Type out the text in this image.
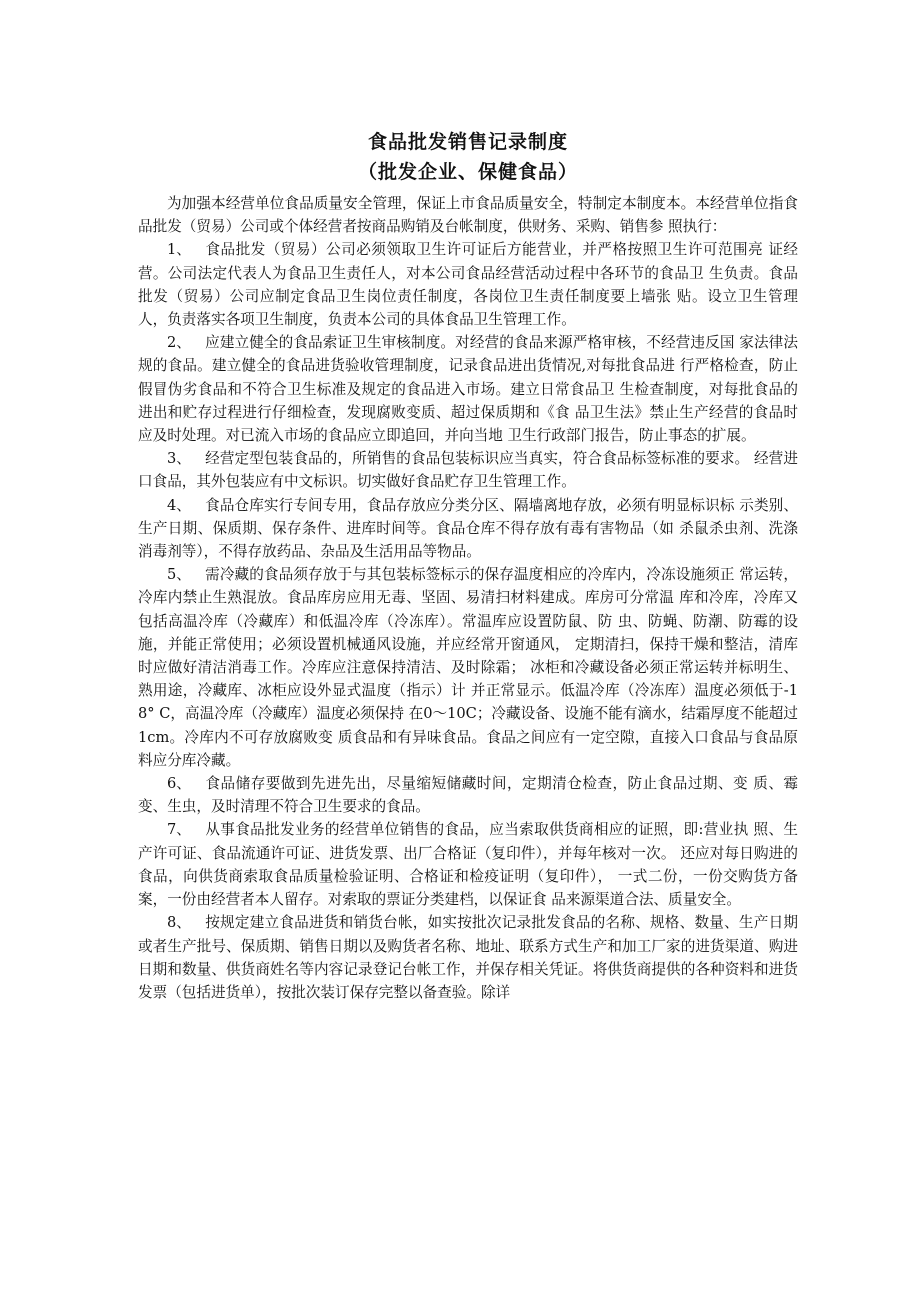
食品批发销售记录制度
（批发企业、保健食品）

为加强本经营单位食品质量安全管理，保证上市食品质量安全，特制定本制度本。本经营单位指食品批发（贸易）公司或个体经营者按商品购销及台帐制度，供财务、采购、销售参 照执行：

1、 食品批发（贸易）公司必须领取卫生许可证后方能营业，并严格按照卫生许可范围亮 证经营。公司法定代表人为食品卫生责任人，对本公司食品经营活动过程中各环节的食品卫 生负责。食品批发（贸易）公司应制定食品卫生岗位责任制度，各岗位卫生责任制度要上墙张 贴。设立卫生管理人，负责落实各项卫生制度，负责本公司的具体食品卫生管理工作。

2、 应建立健全的食品索证卫生审核制度。对经营的食品来源严格审核，不经营违反国 家法律法规的食品。建立健全的食品进货验收管理制度，记录食品进出货情况,对每批食品进 行严格检查，防止假冒伪劣食品和不符合卫生标准及规定的食品进入市场。建立日常食品卫 生检查制度，对每批食品的进出和贮存过程进行仔细检查，发现腐败变质、超过保质期和《食 品卫生法》禁止生产经营的食品时应及时处理。对已流入市场的食品应立即追回，并向当地 卫生行政部门报告，防止事态的扩展。

3、 经营定型包装食品的，所销售的食品包装标识应当真实，符合食品标签标准的要求。 经营进口食品，其外包装应有中文标识。切实做好食品贮存卫生管理工作。

4、 食品仓库实行专间专用，食品存放应分类分区、隔墙离地存放，必须有明显标识标 示类别、生产日期、保质期、保存条件、进库时间等。食品仓库不得存放有毒有害物品（如 杀鼠杀虫剂、洗涤消毒剂等），不得存放药品、杂品及生活用品等物品。

5、 需冷藏的食品须存放于与其包装标签标示的保存温度相应的冷库内，冷冻设施须正 常运转，冷库内禁止生熟混放。食品库房应用无毒、坚固、易清扫材料建成。库房可分常温 库和冷库，冷库又包括高温冷库（冷藏库）和低温冷库（冷冻库）。常温库应设置防鼠、防 虫、防蝇、防潮、防霉的设施，并能正常使用；必须设置机械通风设施，并应经常开窗通风， 定期清扫，保持干燥和整洁，清库时应做好清洁消毒工作。冷库应注意保持清洁、及时除霜； 冰柜和冷藏设备必须正常运转并标明生、熟用途，冷藏库、冰柜应设外显式温度（指示）计 并正常显示。低温冷库（冷冻库）温度必须低于-18° C，高温冷库（冷藏库）温度必须保持 在0～10C；冷藏设备、设施不能有滴水，结霜厚度不能超过1cm。冷库内不可存放腐败变 质食品和有异味食品。食品之间应有一定空隙，直接入口食品与食品原料应分库冷藏。

6、 食品储存要做到先进先出，尽量缩短储藏时间，定期清仓检查，防止食品过期、变 质、霉变、生虫，及时清理不符合卫生要求的食品。

7、 从事食品批发业务的经营单位销售的食品，应当索取供货商相应的证照，即:营业执 照、生产许可证、食品流通许可证、进货发票、出厂合格证（复印件），并每年核对一次。 还应对每日购进的食品，向供货商索取食品质量检验证明、合格证和检疫证明（复印件）， 一式二份，一份交购货方备案，一份由经营者本人留存。对索取的票证分类建档，以保证食 品来源渠道合法、质量安全。

8、 按规定建立食品进货和销货台帐，如实按批次记录批发食品的名称、规格、数量、生产日期或者生产批号、保质期、销售日期以及购货者名称、地址、联系方式生产和加工厂家的进货渠道、购进日期和数量、供货商姓名等内容记录登记台帐工作，并保存相关凭证。将供货商提供的各种资料和进货发票（包括进货单），按批次装订保存完整以备查验。除详
